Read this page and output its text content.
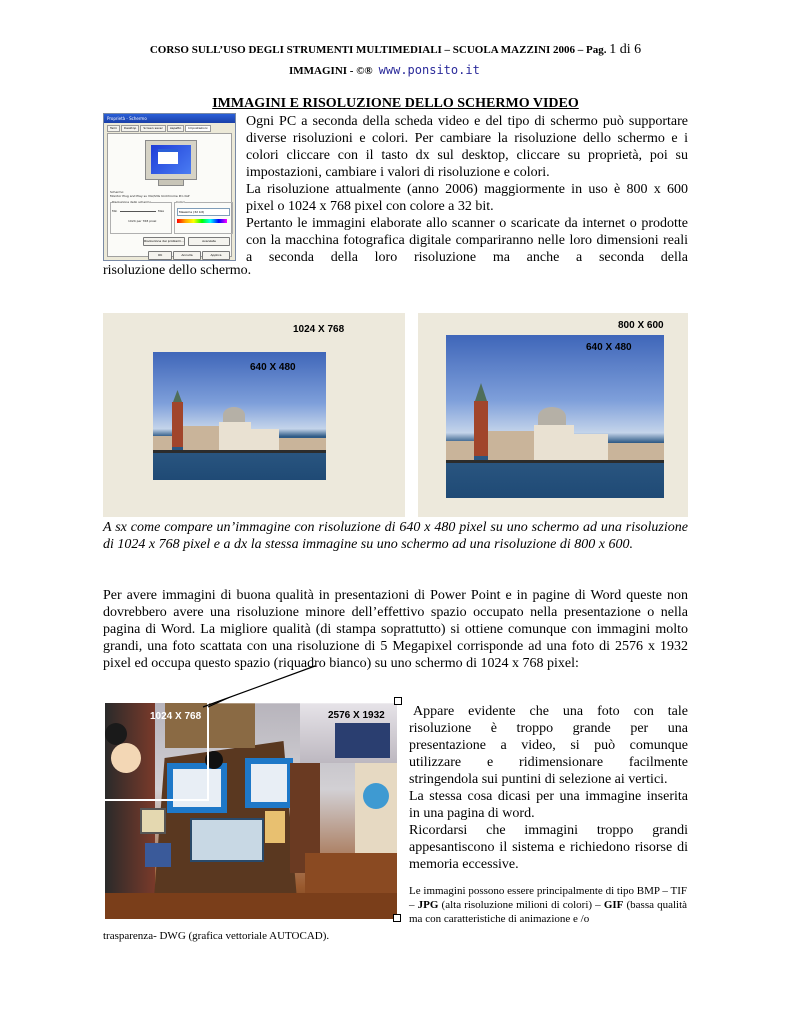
CORSO SULL’USO DEGLI STRUMENTI MULTIMEDIALI – SCUOLA MAZZINI 2006 – Pag. 1 di 6
IMMAGINI - ©® www.ponsito.it
IMMAGINI E RISOLUZIONE DELLO SCHERMO VIDEO
Proprietà - Schermo
Temi	Desktop	Screen saver	Aspetto	Impostazioni
Schermo:
Monitor Plug and Play su VIA/S3G UniChrome Pro IGP
Risoluzione dello schermo
Min	Max
1024 per 768 pixel
Colori
Massima (32 bit)
Risoluzione dei problemi...	Avanzate
OK	Annulla	Applica

Ogni PC a seconda della scheda video e del tipo di schermo può supportare diverse risoluzioni e colori. Per cambiare la risoluzione dello schermo e i colori cliccare con il tasto dx sul desktop, cliccare su proprietà, poi su impostazioni, cambiare i valori di risoluzione e colori.

La risoluzione attualmente (anno 2006) maggiormente in uso è 800 x 600 pixel o 1024 x 768 pixel con colore a 32 bit.

Pertanto le immagini elaborate allo scanner o scaricate da internet o prodotte con la macchina fotografica digitale compariranno nelle loro dimensioni reali a seconda della loro risoluzione ma anche a seconda della

risoluzione dello schermo.
1024 X 768
640 X 480
800 X 600
640 X 480
A sx come compare un’immagine con risoluzione di 640 x 480 pixel su uno schermo ad una risoluzione di 1024 x 768 pixel e a dx la stessa immagine su uno schermo ad una risoluzione di 800 x 600.
Per avere immagini di buona qualità in presentazioni di Power Point e in pagine di Word queste non dovrebbero avere una risoluzione minore dell’effettivo spazio occupato nella presentazione o nella pagina di Word. La migliore qualità (di stampa soprattutto) si ottiene comunque con immagini molto grandi, una foto scattata con una risoluzione di 5 Megapixel corrisponde ad una foto di 2576 x 1932 pixel ed occupa questo spazio (riquadro bianco) su uno schermo di 1024 x 768 pixel:
1024 X 768	2576 X 1932 Appare evidente che una foto con tale risoluzione è troppo grande per una presentazione a video, si può comunque utilizzare e ridimensionare facilmente stringendola sui puntini di selezione ai vertici.

La stessa cosa dicasi per una immagine inserita in una pagina di word.

Ricordarsi che immagini troppo grandi appesantiscono il sistema e richiedono risorse di memoria eccessive.

Le immagini possono essere principalmente di tipo BMP – TIF – JPG (alta risoluzione milioni di colori) – GIF (bassa qualità ma con caratteristiche di animazione e /o
trasparenza- DWG (grafica vettoriale AUTOCAD).
